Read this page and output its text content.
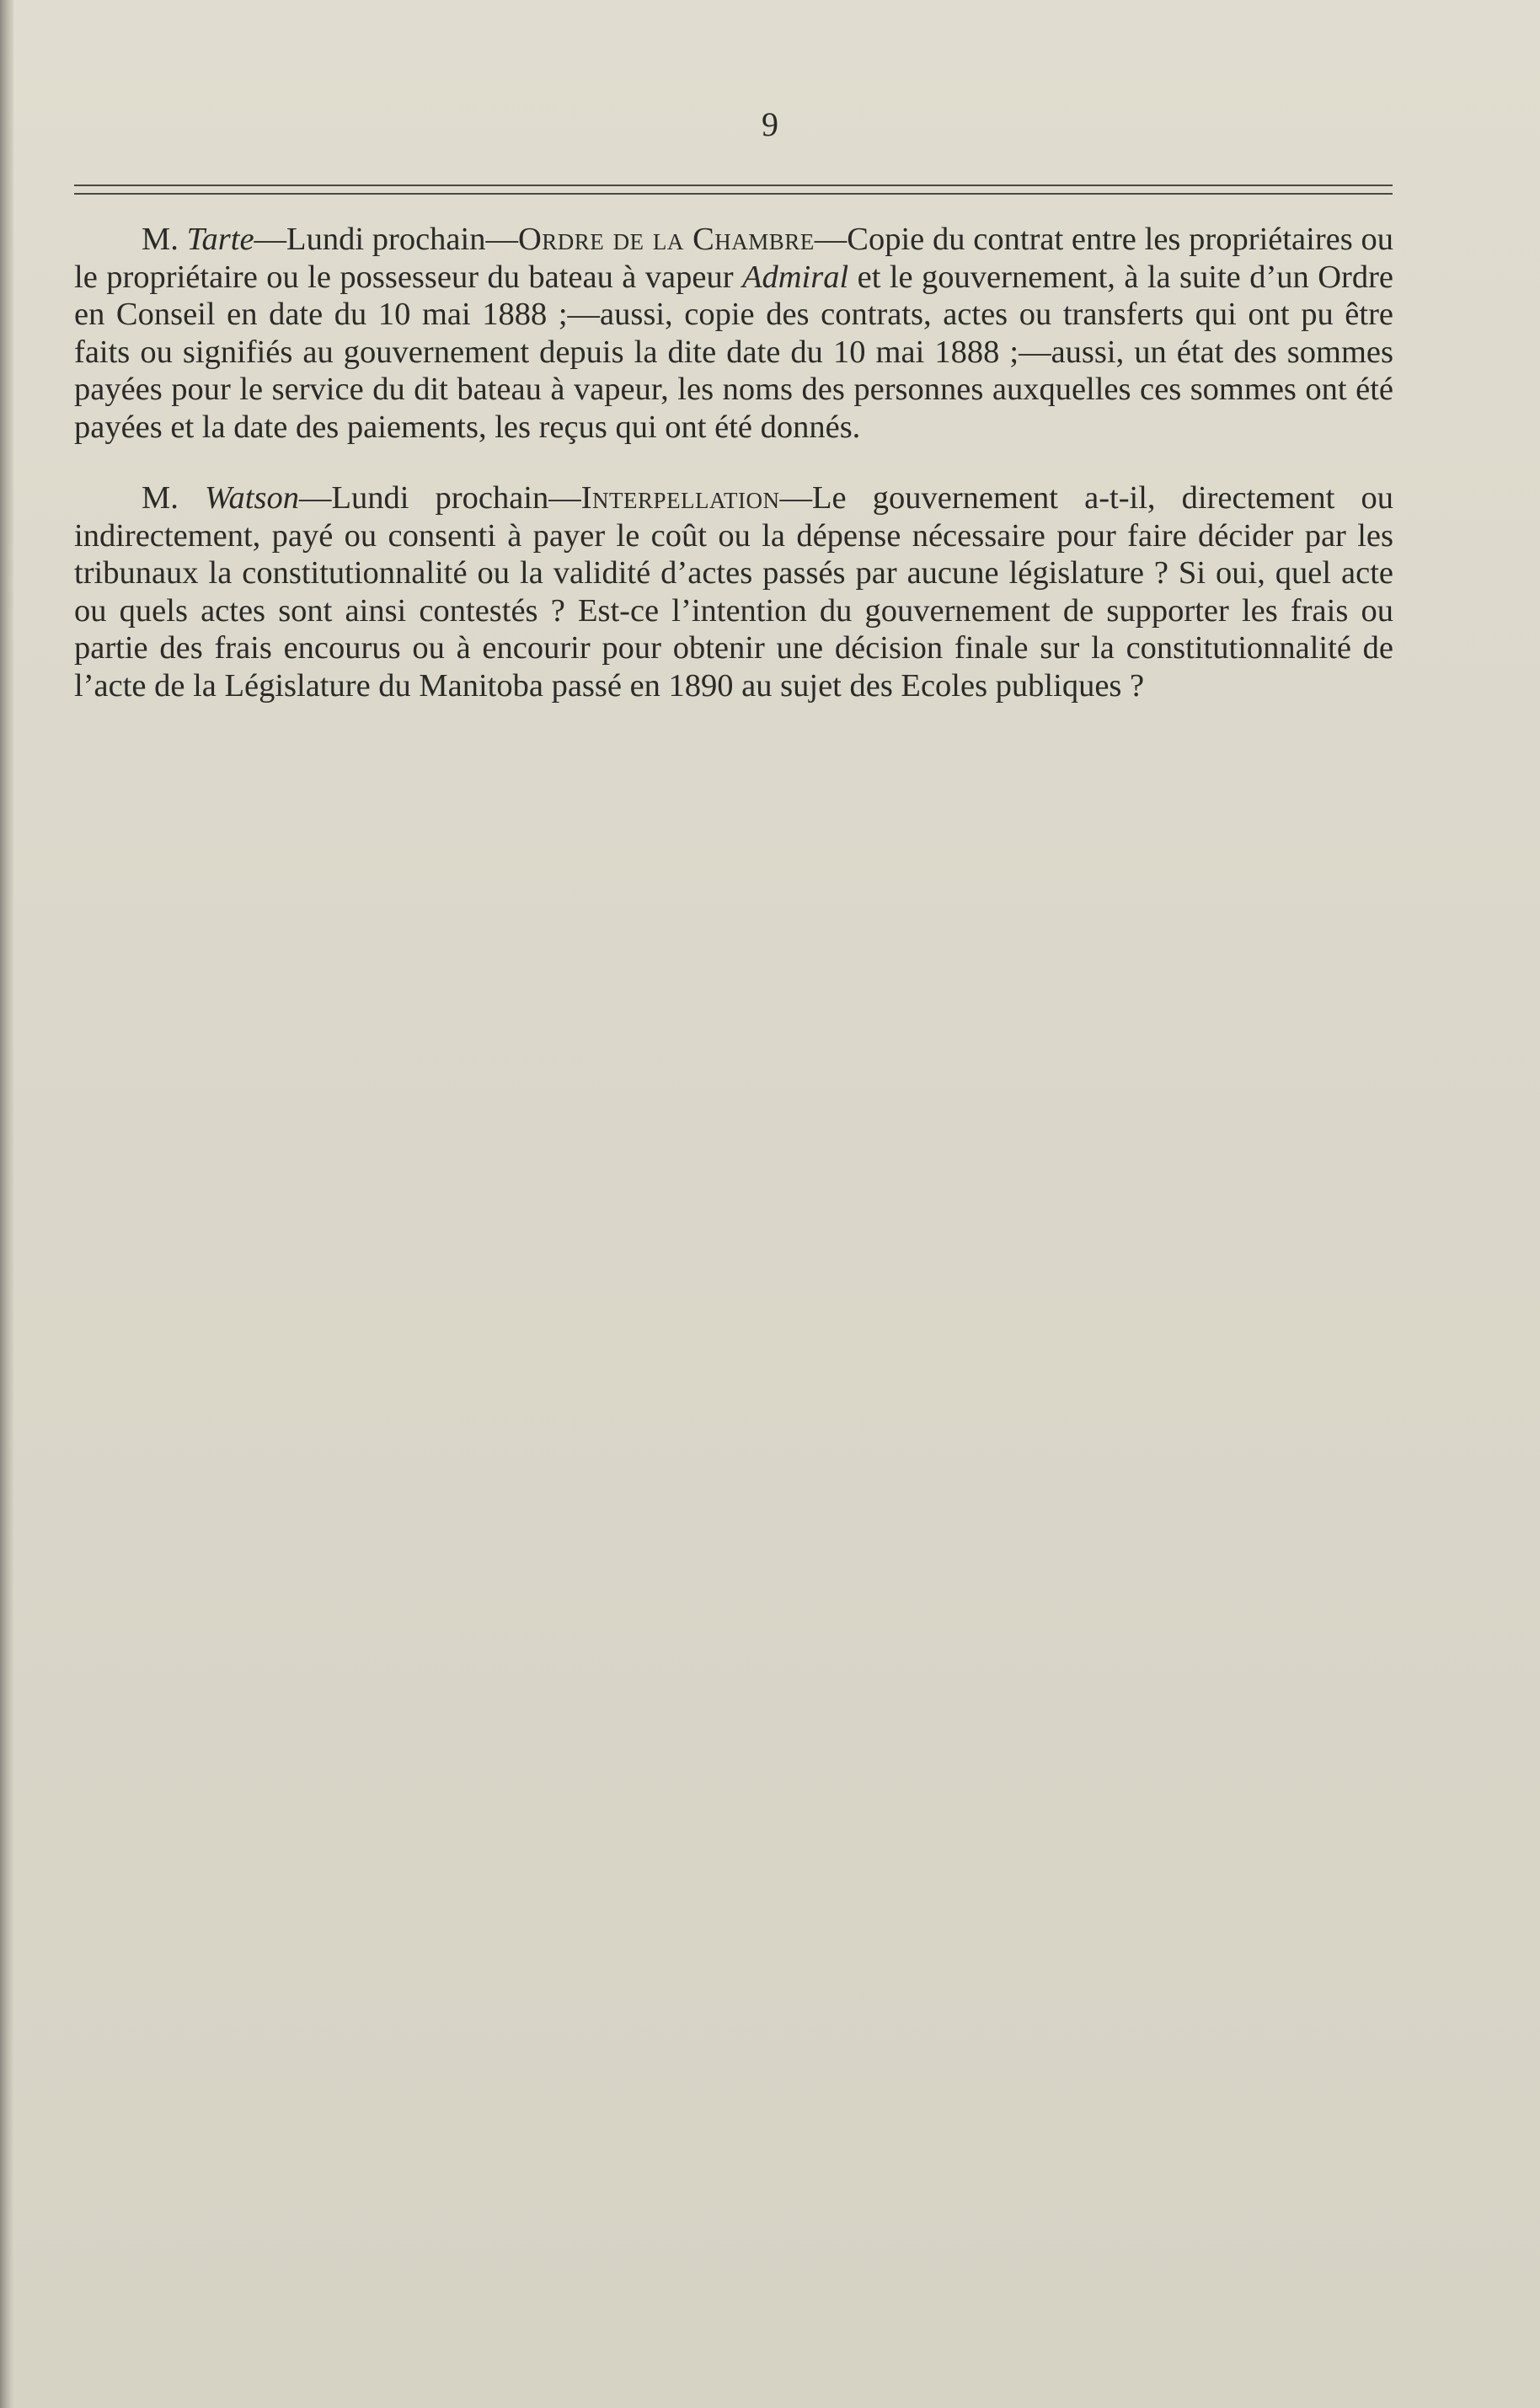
9

M. Tarte—Lundi prochain—Ordre de la Chambre—Copie du contrat entre les propriétaires ou le propriétaire ou le possesseur du bateau à vapeur Admiral et le gouvernement, à la suite d’un Ordre en Conseil en date du 10 mai 1888 ;—aussi, copie des contrats, actes ou transferts qui ont pu être faits ou signifiés au gouvernement depuis la dite date du 10 mai 1888 ;—aussi, un état des sommes payées pour le service du dit bateau à vapeur, les noms des personnes auxquelles ces sommes ont été payées et la date des paiements, les reçus qui ont été donnés.

M. Watson—Lundi prochain—Interpellation—Le gouvernement a-t-il, directement ou indirectement, payé ou consenti à payer le coût ou la dépense nécessaire pour faire décider par les tribunaux la constitutionnalité ou la validité d’actes passés par aucune législature ? Si oui, quel acte ou quels actes sont ainsi contestés ? Est-ce l’intention du gouvernement de supporter les frais ou partie des frais encourus ou à encourir pour obtenir une décision finale sur la constitutionnalité de l’acte de la Législature du Manitoba passé en 1890 au sujet des Ecoles publiques ?
